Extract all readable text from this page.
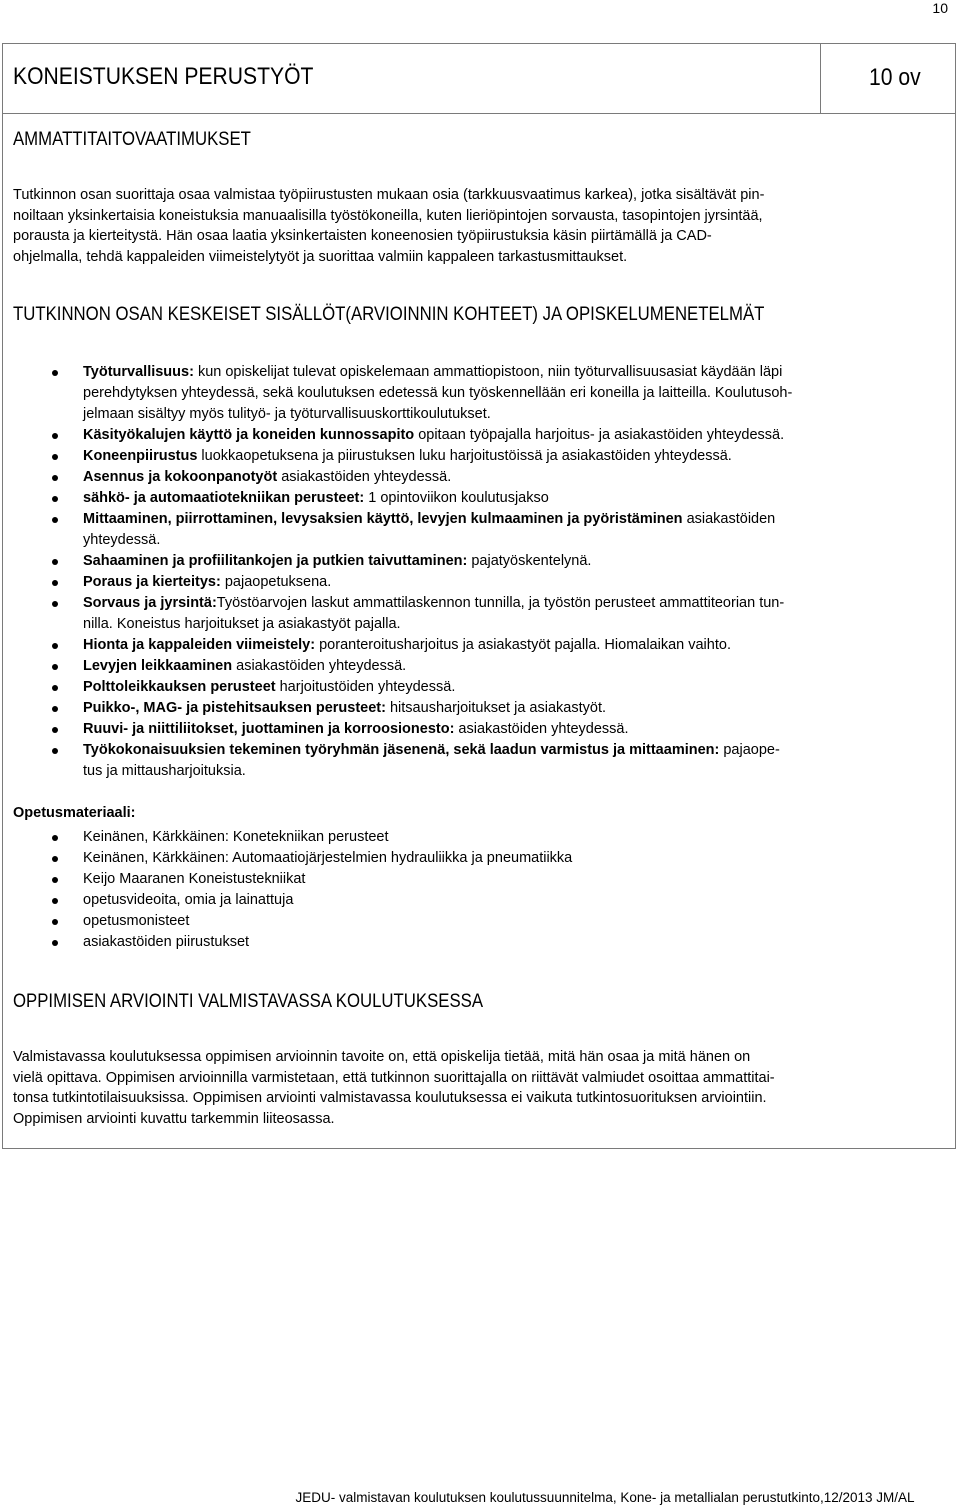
10
KONEISTUKSEN PERUSTYÖT	10 ov
AMMATTITAITOVAATIMUKSET
Tutkinnon osan suorittaja osaa valmistaa työpiirustusten mukaan osia (tarkkuusvaatimus karkea), jotka sisältävät pin-
noiltaan yksinkertaisia koneistuksia manuaalisilla työstökoneilla, kuten lieriöpintojen sorvausta, tasopintojen jyrsintää,
porausta ja kierteitystä. Hän osaa laatia yksinkertaisten koneenosien työpiirustuksia käsin piirtämällä ja CAD-
ohjelmalla, tehdä kappaleiden viimeistelytyöt ja suorittaa valmiin kappaleen tarkastusmittaukset.
TUTKINNON OSAN KESKEISET SISÄLLÖT(ARVIOINNIN KOHTEET) JA OPISKELUMENETELMÄT
Työturvallisuus: kun opiskelijat tulevat opiskelemaan ammattiopistoon, niin työturvallisuusasiat käydään läpi
perehdytyksen yhteydessä, sekä koulutuksen edetessä kun työskennellään eri koneilla ja laitteilla. Koulutusoh-
jelmaan sisältyy myös tulityö- ja työturvallisuuskorttikoulutukset.
Käsityökalujen käyttö ja koneiden kunnossapito opitaan työpajalla harjoitus- ja asiakastöiden yhteydessä.
Koneenpiirustus luokkaopetuksena ja piirustuksen luku harjoitustöissä ja asiakastöiden yhteydessä.
Asennus ja kokoonpanotyöt asiakastöiden yhteydessä.
sähkö- ja automaatiotekniikan perusteet: 1 opintoviikon koulutusjakso
Mittaaminen, piirrottaminen, levysaksien käyttö, levyjen kulmaaminen ja pyöristäminen asiakastöiden
yhteydessä.
Sahaaminen ja profiilitankojen ja putkien taivuttaminen: pajatyöskentelynä.
Poraus ja kierteitys: pajaopetuksena.
Sorvaus ja jyrsintä:Työstöarvojen laskut ammattilaskennon tunnilla, ja työstön perusteet ammattiteorian tun-
nilla. Koneistus harjoitukset ja asiakastyöt pajalla.
Hionta ja kappaleiden viimeistely: poranteroitusharjoitus ja asiakastyöt pajalla. Hiomalaikan vaihto.
Levyjen leikkaaminen asiakastöiden yhteydessä.
Polttoleikkauksen perusteet harjoitustöiden yhteydessä.
Puikko-, MAG- ja pistehitsauksen perusteet: hitsausharjoitukset ja asiakastyöt.
Ruuvi- ja niittiliitokset, juottaminen ja korroosionesto: asiakastöiden yhteydessä.
Työkokonaisuuksien tekeminen työryhmän jäsenenä, sekä laadun varmistus ja mittaaminen: pajaope-
tus ja mittausharjoituksia.
Opetusmateriaali:
Keinänen, Kärkkäinen: Konetekniikan perusteet
Keinänen, Kärkkäinen: Automaatiojärjestelmien hydrauliikka ja pneumatiikka
Keijo Maaranen Koneistustekniikat
opetusvideoita, omia ja lainattuja
opetusmonisteet
asiakastöiden piirustukset
OPPIMISEN ARVIOINTI VALMISTAVASSA KOULUTUKSESSA
Valmistavassa koulutuksessa oppimisen arvioinnin tavoite on, että opiskelija tietää, mitä hän osaa ja mitä hänen on
vielä opittava. Oppimisen arvioinnilla varmistetaan, että tutkinnon suorittajalla on riittävät valmiudet osoittaa ammattitai-
tonsa tutkintotilaisuuksissa. Oppimisen arviointi valmistavassa koulutuksessa ei vaikuta tutkintosuorituksen arviointiin.
Oppimisen arviointi kuvattu tarkemmin liiteosassa.
JEDU- valmistavan koulutuksen koulutussuunnitelma, Kone- ja metallialan perustutkinto,12/2013 JM/AL
